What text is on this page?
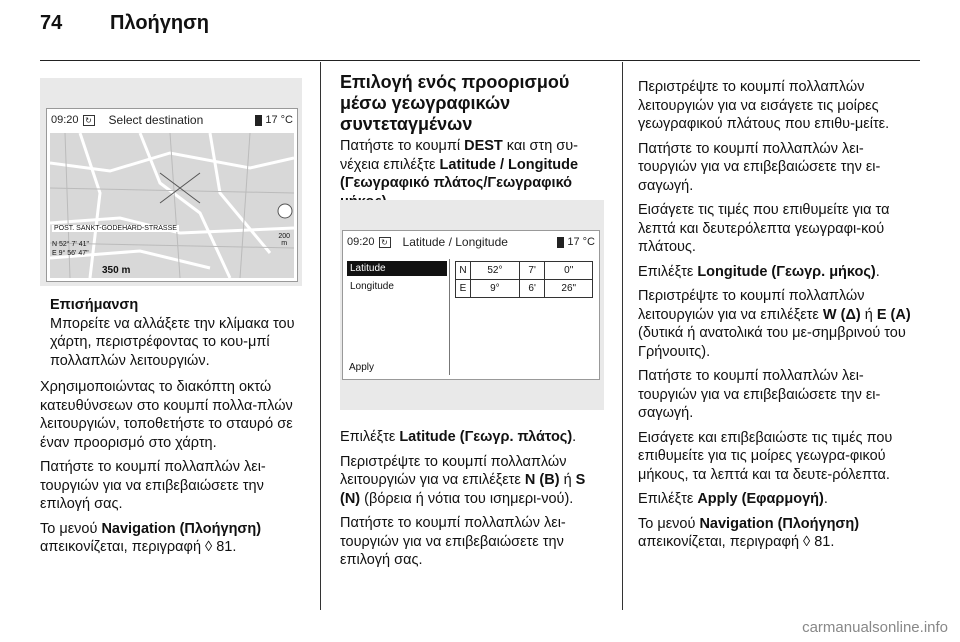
74 Πλοήγηση
09:20 ↻ Select destination	17 °C
POST. SANKT-GODEHARD-STRASSE
N 52° 7' 41"
E 9° 56' 47"
200
m
350 m
Επισήμανση
Μπορείτε να αλλάξετε την κλίμακα του χάρτη, περιστρέφοντας το κου-μπί πολλαπλών λειτουργιών.

Χρησιμοποιώντας το διακόπτη οκτώ κατευθύνσεων στο κουμπί πολλα-πλών λειτουργιών, τοποθετήστε το σταυρό σε έναν προορισμό στο χάρτη.

Πατήστε το κουμπί πολλαπλών λει-τουργιών για να επιβεβαιώσετε την επιλογή σας.

Το μενού Navigation (Πλοήγηση) απεικονίζεται, περιγραφή ◊ 81.

Επιλογή ενός προορισμού μέσω γεωγραφικών συντεταγμένων

Πατήστε το κουμπί DEST και στη συ-νέχεια επιλέξτε Latitude / Longitude (Γεωγραφικό πλάτος/Γεωγραφικό

09:20 ↻ Latitude / Longitude	17 °C
Latitude
Longitude
Apply
N	52°	7'	0"
E	9°	6'	26"

Επιλέξτε Latitude (Γεωγρ. πλάτος).

Περιστρέψτε το κουμπί πολλαπλών λειτουργιών για να επιλέξετε N (B) ή S (N) (βόρεια ή νότια του ισημερι-νού).

Πατήστε το κουμπί πολλαπλών λει-τουργιών για να επιβεβαιώσετε την επιλογή σας.

Περιστρέψτε το κουμπί πολλαπλών λειτουργιών για να εισάγετε τις μοίρες γεωγραφικού πλάτους που επιθυ-μείτε.

Πατήστε το κουμπί πολλαπλών λει-τουργιών για να επιβεβαιώσετε την ει-σαγωγή.

Εισάγετε τις τιμές που επιθυμείτε για τα λεπτά και δευτερόλεπτα γεωγραφι-κού πλάτους.

Επιλέξτε Longitude (Γεωγρ. μήκος).

Περιστρέψτε το κουμπί πολλαπλών λειτουργιών για να επιλέξετε W (Δ) ή E (A) (δυτικά ή ανατολικά του με-σημβρινού του Γρήνουιτς).

Πατήστε το κουμπί πολλαπλών λει-τουργιών για να επιβεβαιώσετε την ει-σαγωγή.

Εισάγετε και επιβεβαιώστε τις τιμές που επιθυμείτε για τις μοίρες γεωγρα-φικού μήκους, τα λεπτά και τα δευτε-ρόλεπτα.

Επιλέξτε Apply (Εφαρμογή).

Το μενού Navigation (Πλοήγηση) απεικονίζεται, περιγραφή ◊ 81.

carmanualsonline.info
